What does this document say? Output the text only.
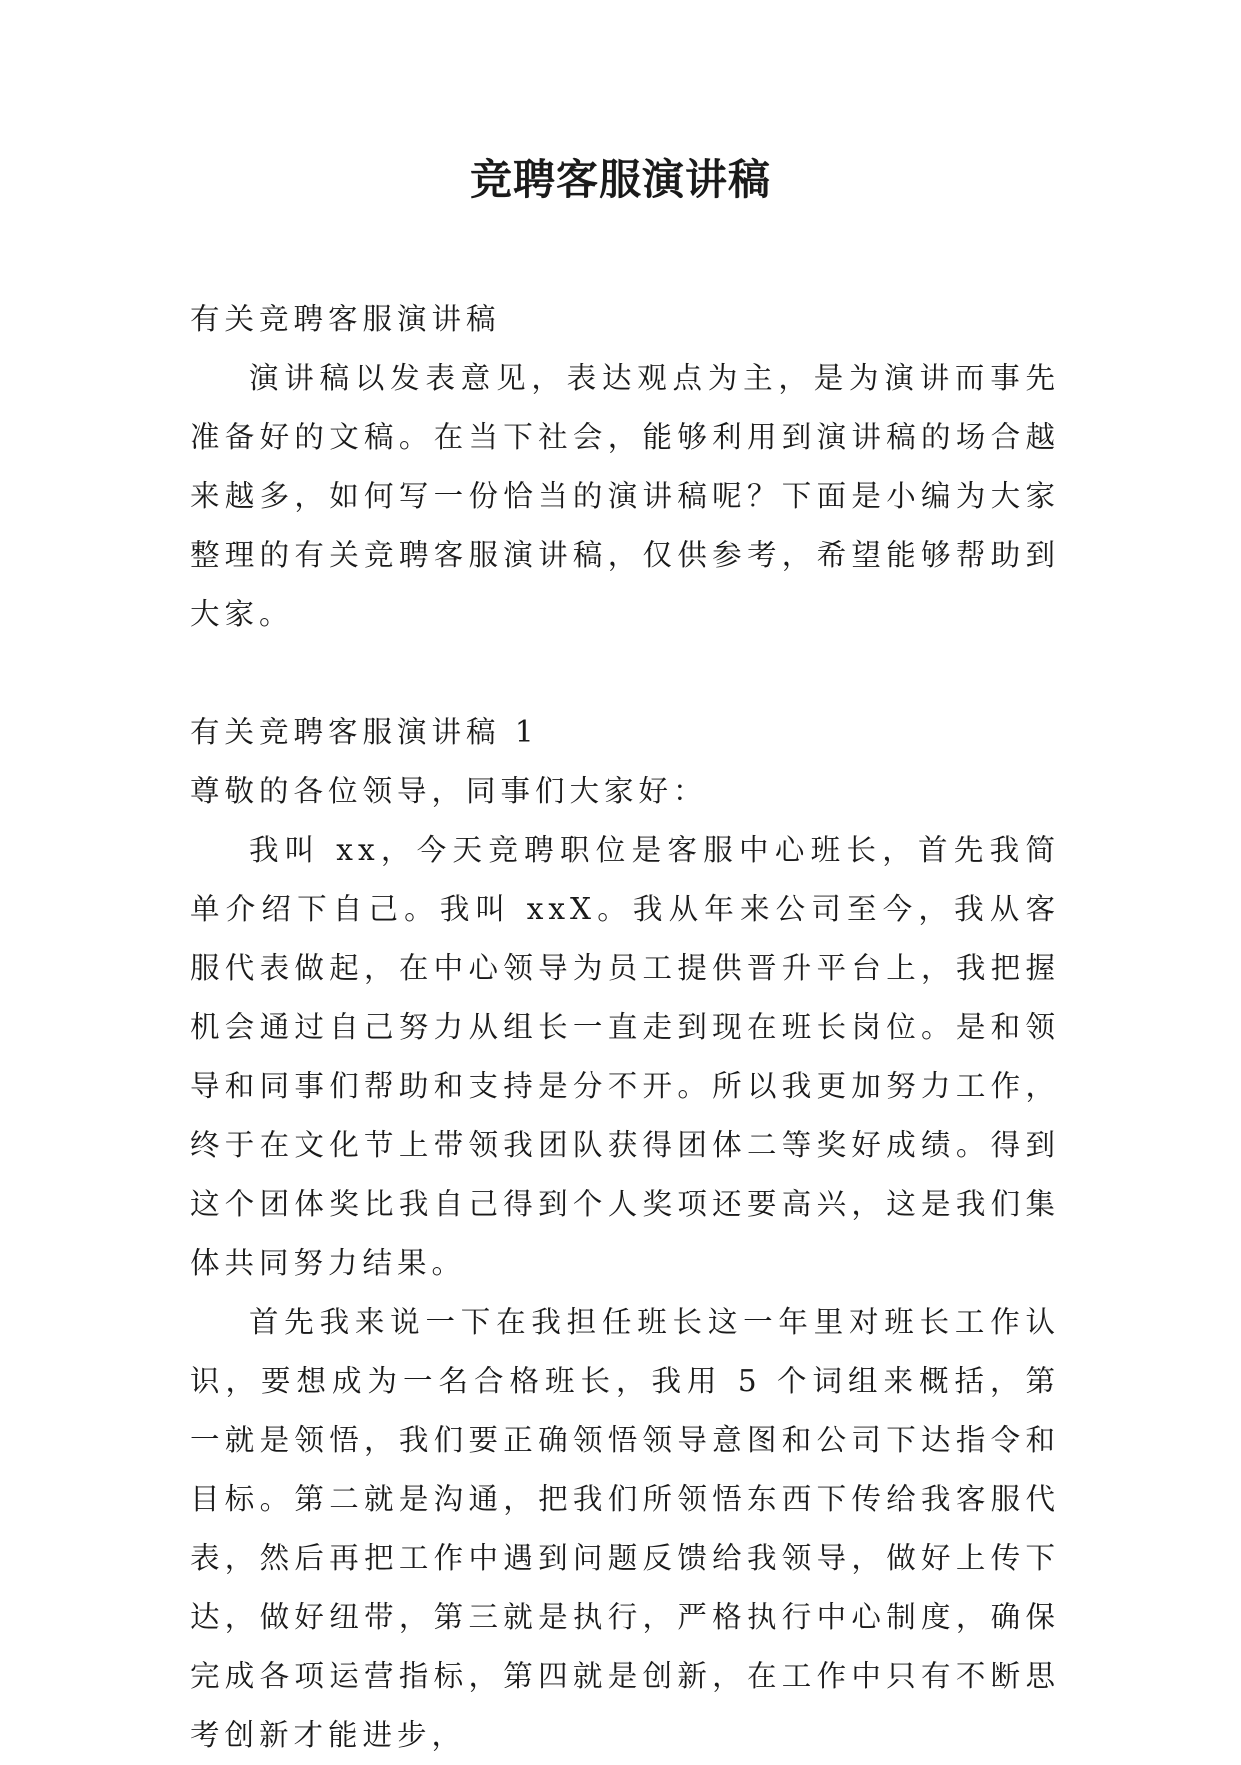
竞聘客服演讲稿

有关竞聘客服演讲稿

演讲稿以发表意见，表达观点为主，是为演讲而事先准备好的文稿。在当下社会，能够利用到演讲稿的场合越来越多，如何写一份恰当的演讲稿呢？下面是小编为大家整理的有关竞聘客服演讲稿，仅供参考，希望能够帮助到大家。

有关竞聘客服演讲稿 1

尊敬的各位领导，同事们大家好：

我叫 xx，今天竞聘职位是客服中心班长，首先我简单介绍下自己。我叫 xxX。我从年来公司至今，我从客服代表做起，在中心领导为员工提供晋升平台上，我把握机会通过自己努力从组长一直走到现在班长岗位。是和领导和同事们帮助和支持是分不开。所以我更加努力工作，终于在文化节上带领我团队获得团体二等奖好成绩。得到这个团体奖比我自己得到个人奖项还要高兴，这是我们集体共同努力结果。

首先我来说一下在我担任班长这一年里对班长工作认识，要想成为一名合格班长，我用 5 个词组来概括，第一就是领悟，我们要正确领悟领导意图和公司下达指令和目标。第二就是沟通，把我们所领悟东西下传给我客服代表，然后再把工作中遇到问题反馈给我领导，做好上传下达，做好纽带，第三就是执行，严格执行中心制度，确保完成各项运营指标，第四就是创新，在工作中只有不断思考创新才能进步，
